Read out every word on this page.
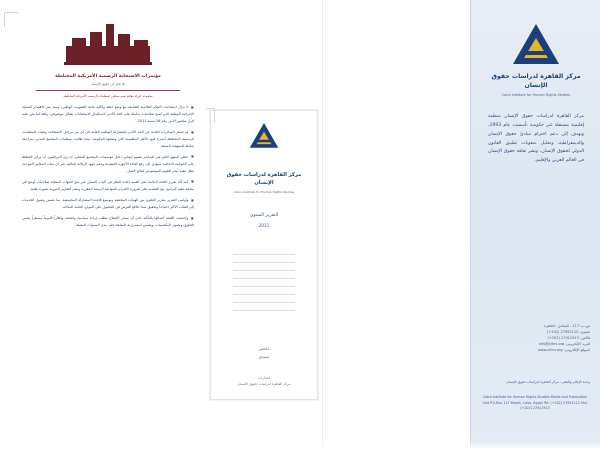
مركز القاهرة لدراسات حقوق الإنسان
Cairo Institute for Human Rights Studies
مركز القاهرة لدراسات حقوق الإنسان منظمة إقليمية مستقلة غير حكومية تأسست عام 1993، وتهدف إلى دعم احترام مبادئ حقوق الإنسان والديمقراطية، وتحليل صعوبات تطبيق القانون الدولي لحقوق الإنسان، ونشر ثقافة حقوق الإنسان في العالم العربي والإقليم.
ص.ب: 117 ـ المعادي ـ القاهرة
تليفون: 27951112 (202+)
فاكس: 27921913 (202+)
البريد الإلكتروني: info@cihrs.org
الموقع الإلكتروني: www.cihrs.org
وحدة الإعلام والنشر ـ مركز القاهرة لدراسات حقوق الإنسان
Cairo Institute for Human Rights Studies Media and Publication Unit P.O.Box 117 Maadi, Cairo, Egypt Tel: (+202) 27951112 Fax: (+202) 27921913
مركز القاهرة لدراسات حقوق الإنسان
Cairo Institute for Human Rights Studies
التقرير السنوي
2011
ملخص
تنفيذي
إصدارات
مركز القاهرة لدراسات حقوق الإنسان
مؤتمرات الاستجابة الرسمية الأمريكية المختلطة
بلا دفاع عن حقوق الإنسان
مجموعة خبراء مؤقتة تضم ممثلين لمنظمات الرسمية الأمريكية المختلطة

■ لا تزال استجابات الحكم العالمية الشاملة مع وضع خطة وكالية عامة للتصويت الوطني، ومما يثير الاهتمام العملية الإجرائية الوطنية التي تُمنح صلاحيات شاملة على الحد الأدنى لاستكمال الاستجابات بشكل موضوعي، وفقاً لما نص عليه قرار مجلس الأمن رقم 16 لسنة 2011.

■ لم تسفر المبادرات العامة عن الحد الأدنى للمشاركة الوطنية العامة في أي من مراحل الاستجابة، وبقيت المنظمات الرسمية المختلطة أسيرة قيود الأطر التنظيمية التي وضعتها الحكومة، بينما طالبت منظمات المجتمع المدني بمراجعة شاملة للمنهجية المتبعة.

■ حظي المنهج العام غير المباشر بتقييم إيجابي داخل مؤسسات المجتمع المحلي، إذ يرى المراقبون أن تركيز الخطط على الحوكمة الداخلية سيؤدي إلى رفع كفاءة الأجهزة التنفيذية ودعم جهود الرقابة المالية، غير أن غياب المعايير الموحدة يظل عقبة أمام التقييم الموضوعي لنتائج العمل.

■ كما أكد تقرير اللجنة الدائمة على أهمية إعادة النظر في آليات التمثيل عبر منح الجهات المحلية صلاحيات أوسع في متابعة تنفيذ البرامج، مع التشديد على ضرورة الالتزام بالمواعيد الزمنية المقررة ونشر التقارير الدورية بصورة علنية.

■ وأوصى التقرير بتعزيز التعاون بين الهيئات المختصة وتوسيع قاعدة المشاركة المجتمعية، بما يضمن وصول الخدمات إلى الفئات الأكثر احتياجاً وتحقيق مبدأ تكافؤ الفرص في الحصول على الموارد العامة المتاحة.

■ واختتمت اللجنة أعمالها بالتأكيد على أن مسار الإصلاح يتطلب إرادة سياسية واضحة، وإطاراً قانونياً مستقراً يحمي الحقوق ويصون المكتسبات، ويضمن استمرارية المتابعة على مدى السنوات المقبلة.
